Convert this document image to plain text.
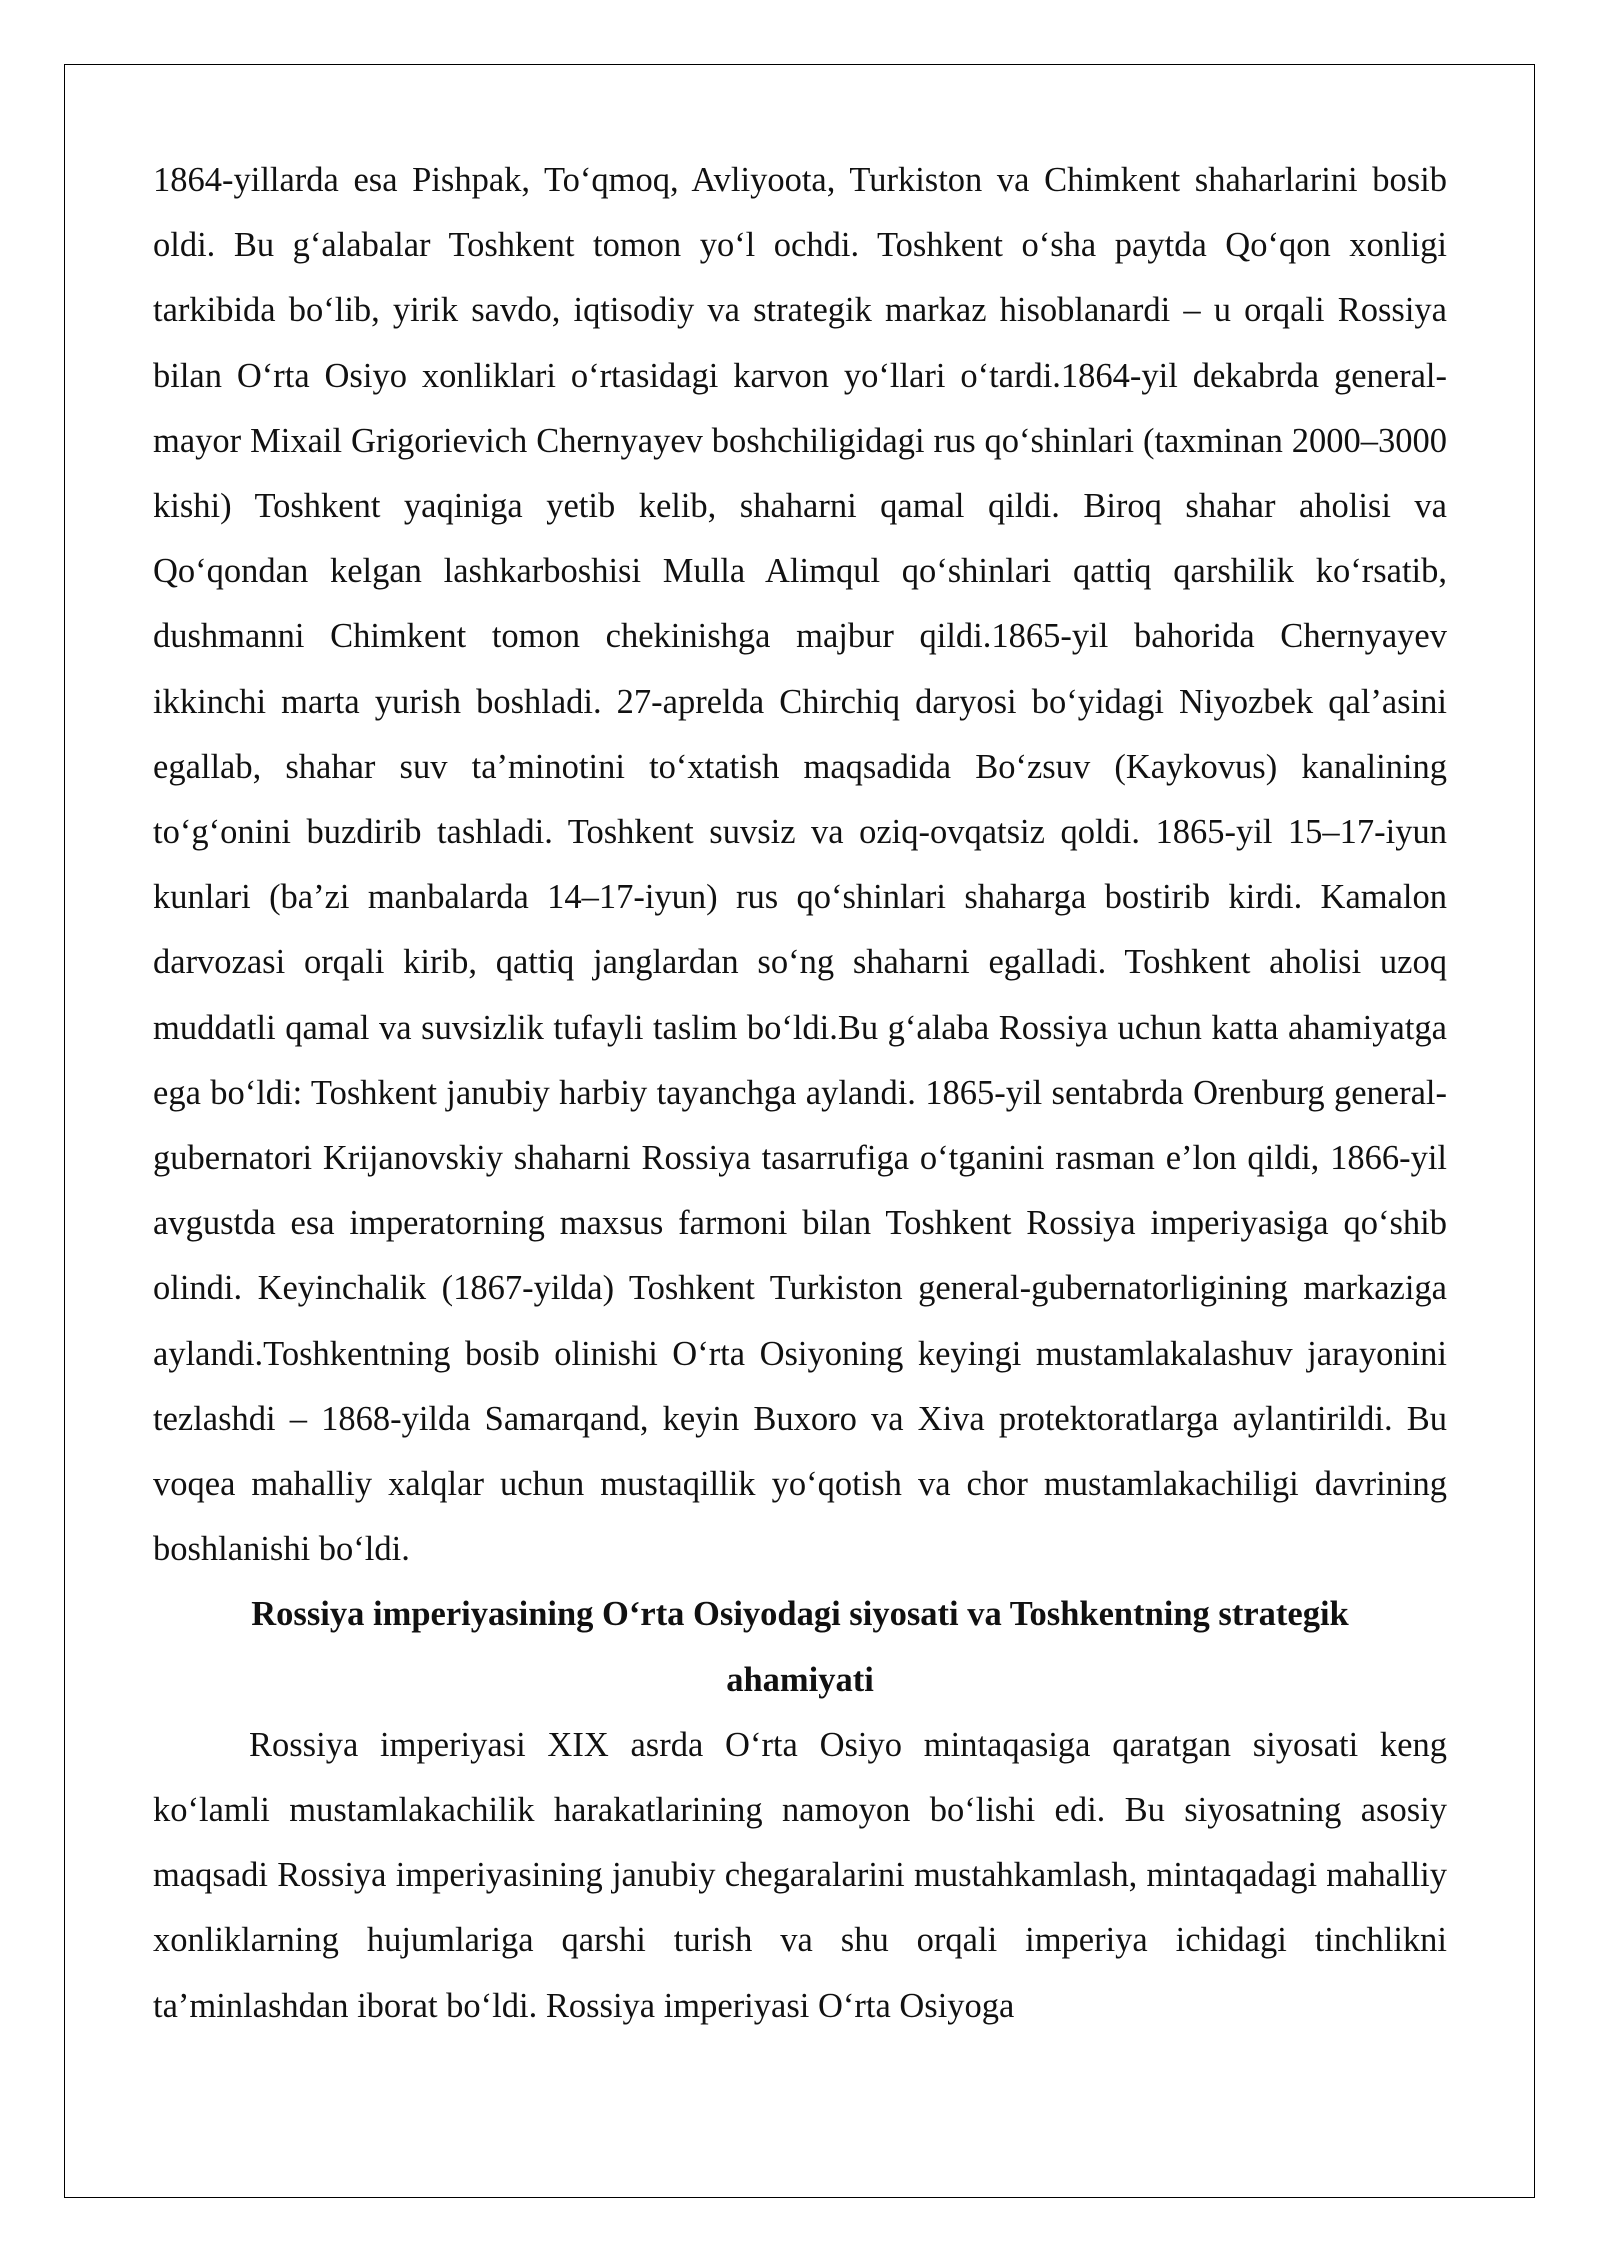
1864-yillarda esa Pishpak, To‘qmoq, Avliyoota, Turkiston va Chimkent shaharlarini bosib oldi. Bu g‘alabalar Toshkent tomon yo‘l ochdi. Toshkent o‘sha paytda Qo‘qon xonligi tarkibida bo‘lib, yirik savdo, iqtisodiy va strategik markaz hisoblanardi – u orqali Rossiya bilan O‘rta Osiyo xonliklari o‘rtasidagi karvon yo‘llari o‘tardi.1864-yil dekabrda general-mayor Mixail Grigorievich Chernyayev boshchiligidagi rus qo‘shinlari (taxminan 2000–3000 kishi) Toshkent yaqiniga yetib kelib, shaharni qamal qildi. Biroq shahar aholisi va Qo‘qondan kelgan lashkarboshisi Mulla Alimqul qo‘shinlari qattiq qarshilik ko‘rsatib, dushmanni Chimkent tomon chekinishga majbur qildi.1865-yil bahorida Chernyayev ikkinchi marta yurish boshladi. 27-aprelda Chirchiq daryosi bo‘yidagi Niyozbek qal’asini egallab, shahar suv ta’minotini to‘xtatish maqsadida Bo‘zsuv (Kaykovus) kanalining to‘g‘onini buzdirib tashladi. Toshkent suvsiz va oziq-ovqatsiz qoldi. 1865-yil 15–17-iyun kunlari (ba’zi manbalarda 14–17-iyun) rus qo‘shinlari shaharga bostirib kirdi. Kamalon darvozasi orqali kirib, qattiq janglardan so‘ng shaharni egalladi. Toshkent aholisi uzoq muddatli qamal va suvsizlik tufayli taslim bo‘ldi.Bu g‘alaba Rossiya uchun katta ahamiyatga ega bo‘ldi: Toshkent janubiy harbiy tayanchga aylandi. 1865-yil sentabrda Orenburg general-gubernatori Krijanovskiy shaharni Rossiya tasarrufiga o‘tganini rasman e’lon qildi, 1866-yil avgustda esa imperatorning maxsus farmoni bilan Toshkent Rossiya imperiyasiga qo‘shib olindi. Keyinchalik (1867-yilda) Toshkent Turkiston general-gubernatorligining markaziga aylandi.Toshkentning bosib olinishi O‘rta Osiyoning keyingi mustamlakalashuv jarayonini tezlashdi – 1868-yilda Samarqand, keyin Buxoro va Xiva protektoratlarga aylantirildi. Bu voqea mahalliy xalqlar uchun mustaqillik yo‘qotish va chor mustamlakachiligi davrining boshlanishi bo‘ldi.

Rossiya imperiyasining O‘rta Osiyodagi siyosati va Toshkentning strategik ahamiyati

Rossiya imperiyasi XIX asrda O‘rta Osiyo mintaqasiga qaratgan siyosati keng ko‘lamli mustamlakachilik harakatlarining namoyon bo‘lishi edi. Bu siyosatning asosiy maqsadi Rossiya imperiyasining janubiy chegaralarini mustahkamlash, mintaqadagi mahalliy xonliklarning hujumlariga qarshi turish va shu orqali imperiya ichidagi tinchlikni ta’minlashdan iborat bo‘ldi. Rossiya imperiyasi O‘rta Osiyoga
